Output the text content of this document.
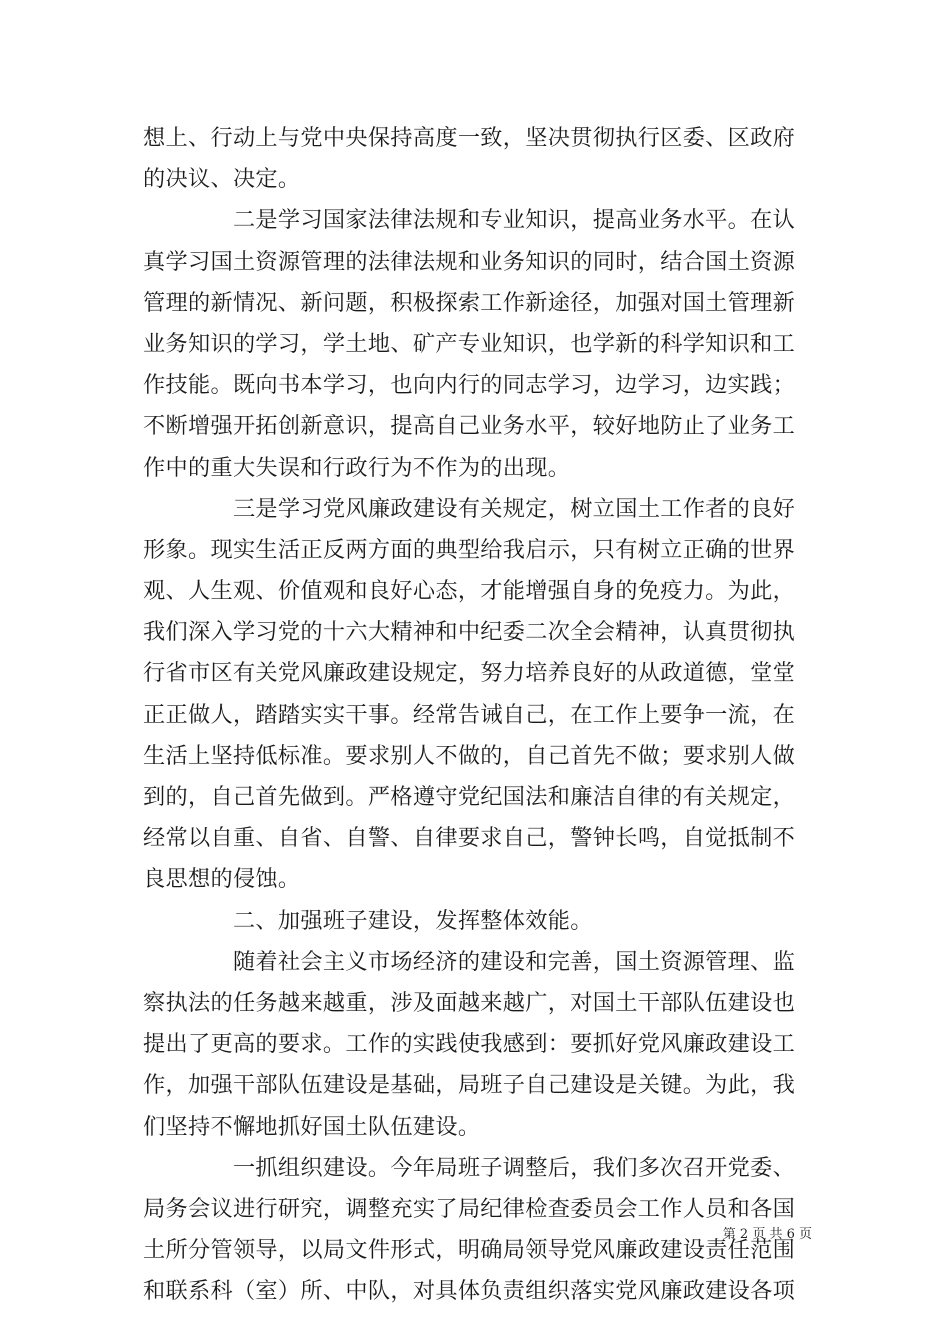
想上、行动上与党中央保持高度一致，坚决贯彻执行区委、区政府
的决议、决定。
　　　　二是学习国家法律法规和专业知识，提高业务水平。在认
真学习国土资源管理的法律法规和业务知识的同时，结合国土资源
管理的新情况、新问题，积极探索工作新途径，加强对国土管理新
业务知识的学习，学土地、矿产专业知识，也学新的科学知识和工
作技能。既向书本学习，也向内行的同志学习，边学习，边实践；
不断增强开拓创新意识，提高自己业务水平，较好地防止了业务工
作中的重大失误和行政行为不作为的出现。
　　　　三是学习党风廉政建设有关规定，树立国土工作者的良好
形象。现实生活正反两方面的典型给我启示，只有树立正确的世界
观、人生观、价值观和良好心态，才能增强自身的免疫力。为此，
我们深入学习党的十六大精神和中纪委二次全会精神，认真贯彻执
行省市区有关党风廉政建设规定，努力培养良好的从政道德，堂堂
正正做人，踏踏实实干事。经常告诫自己，在工作上要争一流，在
生活上坚持低标准。要求别人不做的，自己首先不做；要求别人做
到的，自己首先做到。严格遵守党纪国法和廉洁自律的有关规定，
经常以自重、自省、自警、自律要求自己，警钟长鸣，自觉抵制不
良思想的侵蚀。
　　　　二、加强班子建设，发挥整体效能。
　　　　随着社会主义市场经济的建设和完善，国土资源管理、监
察执法的任务越来越重，涉及面越来越广，对国土干部队伍建设也
提出了更高的要求。工作的实践使我感到：要抓好党风廉政建设工
作，加强干部队伍建设是基础，局班子自己建设是关键。为此，我
们坚持不懈地抓好国土队伍建设。
　　　　一抓组织建设。今年局班子调整后，我们多次召开党委、
局务会议进行研究，调整充实了局纪律检查委员会工作人员和各国
土所分管领导，以局文件形式，明确局领导党风廉政建设责任范围
和联系科（室）所、中队，对具体负责组织落实党风廉政建设各项
第 2 页 共 6 页
